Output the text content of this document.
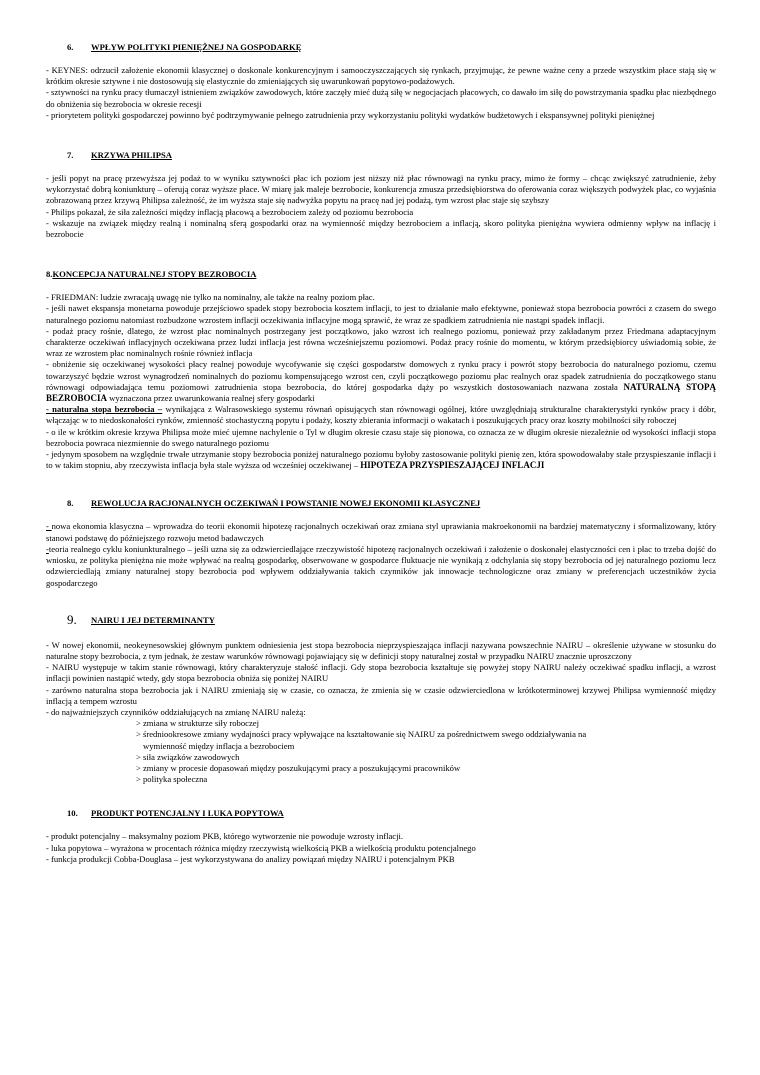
6. WPŁYW POLITYKI PIENIĘŻNEJ NA GOSPODARKĘ

- KEYNES: odrzucił założenie ekonomii klasycznej o doskonale konkurencyjnym i samooczyszczających się rynkach, przyjmując, że pewne ważne ceny a przede wszystkim płace stają się w krótkim okresie sztywne i nie dostosowują się elastycznie do zmieniających się uwarunkowań popytowo-podażowych.

- sztywności na rynku pracy tłumaczył istnieniem związków zawodowych, które zaczęły mieć dużą siłę w negocjacjach płacowych, co dawało im siłę do powstrzymania spadku płac niezbędnego do obniżenia się bezrobocia w okresie recesji

- priorytetem polityki gospodarczej powinno być podtrzymywanie pełnego zatrudnienia przy wykorzystaniu polityki wydatków budżetowych i ekspansywnej polityki pieniężnej

7. KRZYWA PHILIPSA

- jeśli popyt na pracę przewyższa jej podaż to w wyniku sztywności płac ich poziom jest niższy niż płac równowagi na rynku pracy, mimo że formy – chcąc zwiększyć zatrudnienie, żeby wykorzystać dobrą koniunkturę – oferują coraz wyższe płace. W miarę jak maleje bezrobocie, konkurencja zmusza przedsiębiorstwa do oferowania coraz większych podwyżek płac, co wyjaśnia zobrazowaną przez krzywą Philipsa zależność, że im wyższa staje się nadwyżka popytu na pracę nad jej podażą, tym wzrost płac staje się szybszy

- Philips pokazał, że siła zależności między inflacją płacową a bezrobociem zależy od poziomu bezrobocia

- wskazuje na związek między realną i nominalną sferą gospodarki oraz na wymienność między bezrobociem a inflacją, skoro polityka pieniężna wywiera odmienny wpływ na inflację i bezrobocie

8.KONCEPCJA NATURALNEJ STOPY BEZROBOCIA

- FRIEDMAN: ludzie zwracają uwagę nie tylko na nominalny, ale także na realny poziom płac.

- jeśli nawet ekspansja monetarna powoduje przejściowo spadek stopy bezrobocia kosztem inflacji, to jest to działanie mało efektywne, ponieważ stopa bezrobocia powróci z czasem do swego naturalnego poziomu natomiast rozbudzone wzrostem inflacji oczekiwania inflacyjne mogą sprawić, że wraz ze spadkiem zatrudnienia nie nastąpi spadek inflacji.

- podaż pracy rośnie, dlatego, że wzrost płac nominalnych postrzegany jest początkowo, jako wzrost ich realnego poziomu, ponieważ przy zakładanym przez Friedmana adaptacyjnym charakterze oczekiwań inflacyjnych oczekiwana przez ludzi inflacja jest równa wcześniejszemu poziomowi. Podaż pracy rośnie do momentu, w którym przedsiębiorcy uświadomią sobie, że wraz ze wzrostem płac nominalnych rośnie również inflacja

- obniżenie się oczekiwanej wysokości płacy realnej powoduje wycofywanie się części gospodarstw domowych z rynku pracy i powrót stopy bezrobocia do naturalnego poziomu, czemu towarzyszyć będzie wzrost wynagrodzeń nominalnych do poziomu kompensującego wzrost cen, czyli początkowego poziomu płac realnych oraz spadek zatrudnienia do początkowego stanu równowagi odpowiadająca temu poziomowi zatrudnienia stopa bezrobocia, do której gospodarka dąży po wszystkich dostosowaniach nazwana została NATURALNĄ STOPĄ BEZROBOCIA wyznaczona przez uwarunkowania realnej sfery gospodarki

- naturalna stopa bezrobocia – wynikająca z Walrasowskiego systemu równań opisujących stan równowagi ogólnej, które uwzględniają strukturalne charakterystyki rynków pracy i dóbr, włączając w to niedoskonałości rynków, zmienność stochastyczną popytu i podaży, koszty zbierania informacji o wakatach i poszukujących pracy oraz koszty mobilności siły roboczej

- o ile w krótkim okresie krzywa Philipsa może mieć ujemne nachylenie o Tyl w długim okresie czasu staje się pionowa, co oznacza ze w długim okresie niezależnie od wysokości inflacji stopa bezrobocia powraca niezmiennie do swego naturalnego poziomu

- jedynym sposobem na względnie trwałe utrzymanie stopy bezrobocia poniżej naturalnego poziomu byłoby zastosowanie polityki pienię zen, która spowodowałaby stałe przyspieszanie inflacji i to w takim stopniu, aby rzeczywista inflacja była stale wyższa od wcześniej oczekiwanej – HIPOTEZA PRZYSPIESZAJĄCEJ INFLACJI

8. REWOLUCJA RACJONALNYCH OCZEKIWAŃ I POWSTANIE NOWEJ EKONOMII KLASYCZNEJ

- nowa ekonomia klasyczna – wprowadza do teorii ekonomii hipotezę racjonalnych oczekiwań oraz zmiana styl uprawiania makroekonomii na bardziej matematyczny i sformalizowany, który stanowi podstawę do późniejszego rozwoju metod badawczych

-teoria realnego cyklu koniunkturalnego – jeśli uzna się za odzwierciedlające rzeczywistość hipotezę racjonalnych oczekiwań i założenie o doskonałej elastyczności cen i płac to trzeba dojść do wniosku, ze polityka pieniężna nie może wpływać na realną gospodarkę, obserwowane w gospodarce fluktuacje nie wynikają z odchylania się stopy bezrobocia od jej naturalnego poziomu lecz odzwierciedlają zmiany naturalnej stopy bezrobocia pod wpływem oddziaływania takich czynników jak innowacje technologiczne oraz zmiany w preferencjach uczestników życia gospodarczego

9. NAIRU I JEJ DETERMINANTY

- W nowej ekonomii, neokeynesowskiej głównym punktem odniesienia jest stopa bezrobocia nieprzyspieszająca inflacji nazywana powszechnie NAIRU – określenie używane w stosunku do naturalne stopy bezrobocia, z tym jednak, że zestaw warunków równowagi pojawiający się w definicji stopy naturalnej został w przypadku NAIRU znacznie uproszczony

- NAIRU występuje w takim stanie równowagi, który charakteryzuje stałość inflacji. Gdy stopa bezrobocia kształtuje się powyżej stopy NAIRU należy oczekiwać spadku inflacji, a wzrost inflacji powinien nastąpić wtedy, gdy stopa bezrobocia obniża się poniżej NAIRU

- zarówno naturalna stopa bezrobocia jak i NAIRU zmieniają się w czasie, co oznacza, że zmienia się w czasie odzwierciedlona w krótkoterminowej krzywej Philipsa wymienność między inflacją a tempem wzrostu

- do najważniejszych czynników oddziałujących na zmianę NAIRU należą:

> zmiana w strukturze siły roboczej

> średniookresowe zmiany wydajności pracy wpływające na kształtowanie się NAIRU za pośrednictwem swego oddziaływania na

wymienność między inflacja a bezrobociem

> siła związków zawodowych

> zmiany w procesie dopasowań między poszukującymi pracy a poszukującymi pracowników

> polityka społeczna

10. PRODUKT POTENCJALNY I LUKA POPYTOWA

- produkt potencjalny – maksymalny poziom PKB, którego wytworzenie nie powoduje wzrosty inflacji.

- luka popytowa – wyrażona w procentach różnica między rzeczywistą wielkością PKB a wielkością produktu potencjalnego

- funkcja produkcji Cobba-Douglasa – jest wykorzystywana do analizy powiązań między NAIRU i potencjalnym PKB
